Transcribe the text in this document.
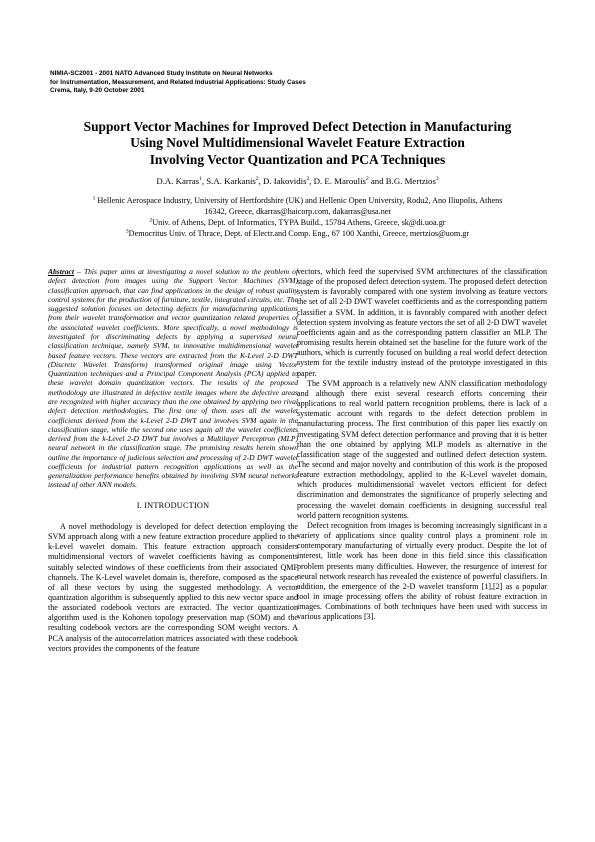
NIMIA-SC2001 - 2001 NATO Advanced Study Institute on Neural Networks
for Instrumentation, Measurement, and Related Industrial Applications: Study Cases
Crema, Italy, 9-20 October 2001
Support Vector Machines for Improved Defect Detection in Manufacturing
Using Novel Multidimensional Wavelet Feature Extraction
Involving Vector Quantization and PCA Techniques
D.A. Karras$^1$, S.A. Karkanis$^2$, D. Iakovidis$^2$, D. E. Maroulis$^2$ and B.G. Mertzios$^3$
$^1$ Hellenic Aerospace Industry, University of Hertfordshire (UK) and Hellenic Open University, Rodu2, Ano Iliupolis, Athens
16342, Greece, dkarras@haicorp.com, dakarras@usa.net
$^2$Univ. of Athens, Dept. of Informatics, TYPA Build., 15784 Athens, Greece, sk@di.uoa.gr
$^3$Democritus Univ. of Thrace, Dept. of Electr.and Comp. Eng., 67 100 Xanthi, Greece, mertzios@uom.gr

Abstract – This paper aims at investigating a novel solution to the problem of defect detection from images using the Support Vector Machines (SVM) classification approach, that can find applications in the design of robust quality control systems for the production of furniture, textile, integrated circuits, etc. The suggested solution focuses on detecting defects for manufacturing applications from their wavelet transformation and vector quantization related properties of the associated wavelet coefficients. More specifically, a novel methodology is investigated for discriminating defects by applying a supervised neural classification technique, namely SVM, to innovative multidimensional wavelet based feature vectors. These vectors are extracted from the K-Level 2-D DWT (Discrete Wavelet Transform) transformed original image using Vector Quantization techniques and a Principal Component Analysis (PCA) applied to these wavelet domain quantization vectors. The results of the proposed methodology are illustrated in defective textile images where the defective areas are recognized with higher accuracy than the one obtained by applying two rival defect detection methodologies. The first one of them uses all the wavelet coefficients derived from the k-Level 2-D DWT and involves SVM again in the classification stage, while the second one uses again all the wavelet coefficients derived from the k-Level 2-D DWT but involves a Multilayer Perceptron (MLP) neural network in the classification stage. The promising results herein shown outline the importance of judicious selection and processing of 2-D DWT wavelet coefficients for industrial pattern recognition applications as well as the generalization performance benefits obtained by involving SVM neural networks instead of other ANN models.

I. INTRODUCTION

A novel methodology is developed for defect detection employing the SVM approach along with a new feature extraction procedure applied to the k-Level wavelet domain. This feature extraction approach considers multidimensional vectors of wavelet coefficients having as components suitably selected windows of these coefficients from their associated QMF channels. The K-Level wavelet domain is, therefore, composed as the space of all these vectors by using the suggested methodology. A vector quantization algorithm is subsequently applied to this new vector space and the associated codebook vectors are extracted. The vector quantization algorithm used is the Kohonen topology preservation map (SOM) and the resulting codebook vectors are the corresponding SOM weight vectors. A PCA analysis of the autocorrelation matrices associated with these codebook vectors provides the components of the feature

vectors, which feed the supervised SVM architectures of the classification stage of the proposed defect detection system. The proposed defect detection system is favorably compared with one system involving as feature vectors the set of all 2-D DWT wavelet coefficients and as the corresponding pattern classifier a SVM. In addition, it is favorably compared with another defect detection system involving as feature vectors the set of all 2-D DWT wavelet coefficients again and as the corresponding pattern classifier an MLP. The promising results herein obtained set the baseline for the future work of the authors, which is currently focused on building a real world defect detection system for the textile industry instead of the prototype investigated in this paper.

The SVM approach is a relatively new ANN classification methodology and although there exist several research efforts concerning their applications to real world pattern recognition problems, there is lack of a systematic account with regards to the defect detection problem in manufacturing process. The first contribution of this paper lies exactly on investigating SVM defect detection performance and proving that it is better than the one obtained by applying MLP models as alternative in the classification stage of the suggested and outlined defect detection system. The second and major novelty and contribution of this work is the proposed feature extraction methodology, applied to the K-Level wavelet domain, which produces multidimensional wavelet vectors efficient for defect discrimination and demonstrates the significance of properly selecting and processing the wavelet domain coefficients in designing successful real world pattern recognition systems.

Defect recognition from images is becoming increasingly significant in a variety of applications since quality control plays a prominent role in contemporary manufacturing of virtually every product. Despite the lot of interest, little work has been done in this field since this classification problem presents many difficulties. However, the resurgence of interest for neural network research has revealed the existence of powerful classifiers. In addition, the emergence of the 2-D wavelet transform [1],[2] as a popular tool in image processing offers the ability of robust feature extraction in images. Combinations of both techniques have been used with success in various applications [3].
